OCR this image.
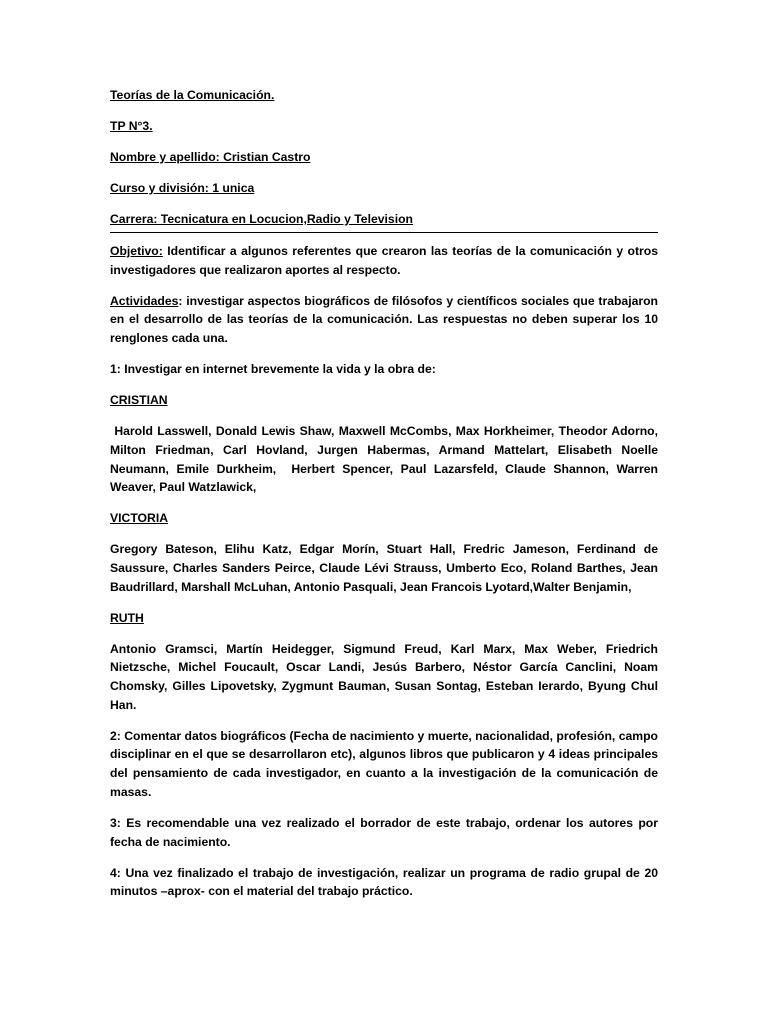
Teorías de la Comunicación.
TP N°3.
Nombre y apellido: Cristian Castro
Curso y división: 1 unica
Carrera: Tecnicatura en Locucion,Radio y Television

Objetivo: Identificar a algunos referentes que crearon las teorías de la comunicación y otros investigadores que realizaron aportes al respecto.

Actividades: investigar aspectos biográficos de filósofos y científicos sociales que trabajaron en el desarrollo de las teorías de la comunicación. Las respuestas no deben superar los 10 renglones cada una.

1: Investigar en internet brevemente la vida y la obra de:

CRISTIAN

Harold Lasswell, Donald Lewis Shaw, Maxwell McCombs, Max Horkheimer, Theodor Adorno, Milton Friedman, Carl Hovland, Jurgen Habermas, Armand Mattelart, Elisabeth Noelle Neumann, Emile Durkheim,  Herbert Spencer, Paul Lazarsfeld, Claude Shannon, Warren Weaver, Paul Watzlawick,

VICTORIA

Gregory Bateson, Elihu Katz, Edgar Morín, Stuart Hall, Fredric Jameson, Ferdinand de Saussure, Charles Sanders Peirce, Claude Lévi Strauss, Umberto Eco, Roland Barthes, Jean Baudrillard, Marshall McLuhan, Antonio Pasquali, Jean Francois Lyotard,Walter Benjamin,

RUTH

Antonio Gramsci, Martín Heidegger, Sigmund Freud, Karl Marx, Max Weber, Friedrich Nietzsche, Michel Foucault, Oscar Landi, Jesús Barbero, Néstor García Canclini, Noam Chomsky, Gilles Lipovetsky, Zygmunt Bauman, Susan Sontag, Esteban Ierardo, Byung Chul Han.

2: Comentar datos biográficos (Fecha de nacimiento y muerte, nacionalidad, profesión, campo disciplinar en el que se desarrollaron etc), algunos libros que publicaron y 4 ideas principales del pensamiento de cada investigador, en cuanto a la investigación de la comunicación de masas.

3: Es recomendable una vez realizado el borrador de este trabajo, ordenar los autores por fecha de nacimiento.

4: Una vez finalizado el trabajo de investigación, realizar un programa de radio grupal de 20 minutos –aprox- con el material del trabajo práctico.
